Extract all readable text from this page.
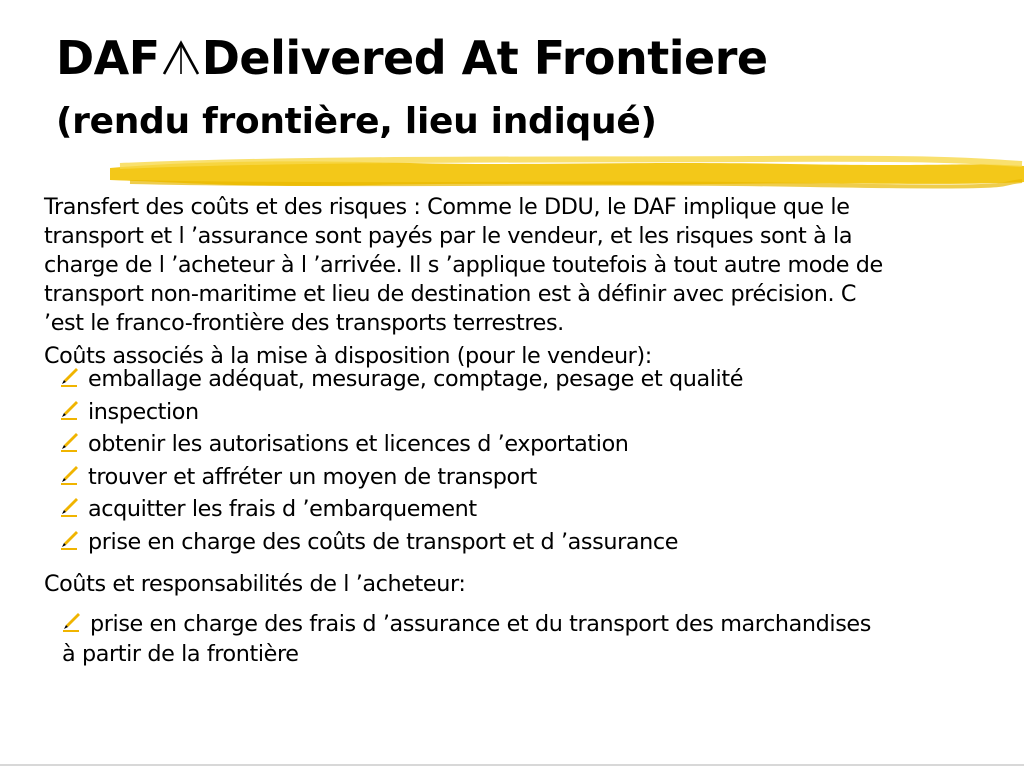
DAF Delivered At Frontiere
(rendu frontière, lieu indiqué)

Transfert des coûts et des risques : Comme le DDU, le DAF implique que le transport et l ’assurance sont payés par le vendeur, et les risques sont à la charge de l ’acheteur à l ’arrivée. Il s ’applique toutefois à tout autre mode de transport non-maritime et lieu de destination est à définir avec précision. C ’est le franco-frontière des transports terrestres.

Coûts associés à la mise à disposition (pour le vendeur):

emballage adéquat, mesurage, comptage, pesage et qualité
inspection
obtenir les autorisations et licences d ’exportation
trouver et affréter un moyen de transport
acquitter les frais d ’embarquement
prise en charge des coûts de transport et d ’assurance

Coûts et responsabilités de l ’acheteur:

prise en charge des frais d ’assurance et du transport des marchandises à partir de la frontière
